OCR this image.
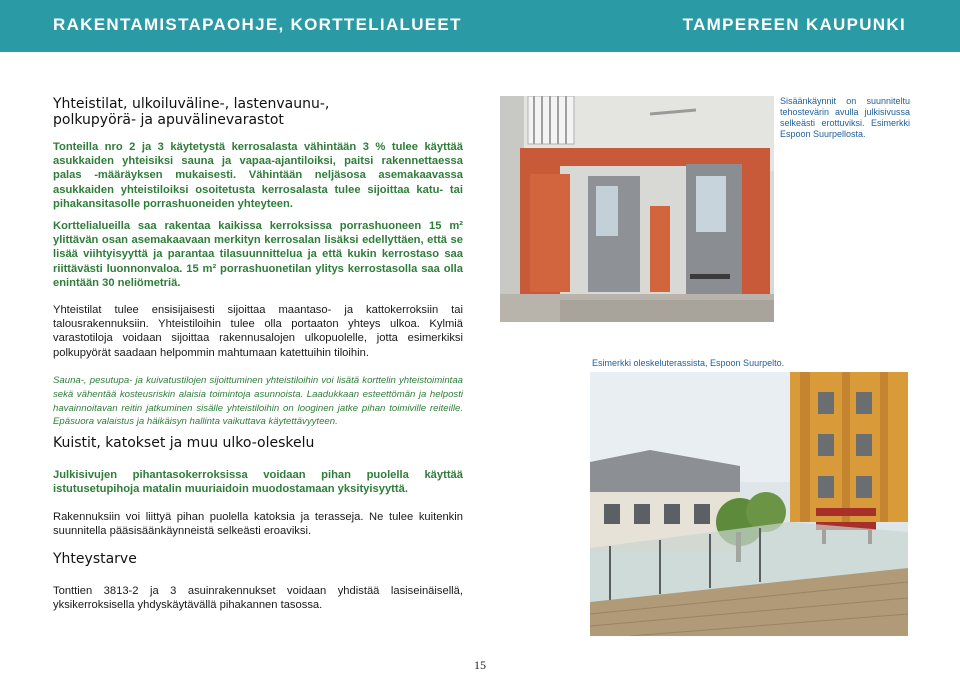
RAKENTAMISTAPAOHJE, KORTTELIALUEET	TAMPEREEN KAUPUNKI
Yhteistilat, ulkoiluväline-, lastenvaunu-,
polkupyörä- ja apuvälinevarastot
Tonteilla nro 2 ja 3 käytetystä kerrosalasta vähintään 3 % tulee käyttää asukkaiden yhteisiksi sauna ja vapaa-ajantiloiksi, paitsi rakennettaessa palas -määräyksen mukaisesti. Vähintään neljäsosa asemakaavassa asukkaiden yhteistiloiksi osoitetusta kerrosalasta tulee sijoittaa katu- tai pihakansitasolle porrashuoneiden yhteyteen.
Korttelialueilla saa rakentaa kaikissa kerroksissa porrashuoneen 15 m² ylittävän osan asemakaavaan merkityn kerrosalan lisäksi edellyttäen, että se lisää viihtyisyyttä ja parantaa tilasuunnittelua ja että kukin kerrostaso saa riittävästi luonnonvaloa. 15 m² porrashuonetilan ylitys kerrostasolla saa olla enintään 30 neliömetriä.
Yhteistilat tulee ensisijaisesti sijoittaa maantaso- ja kattokerroksiin tai talousrakennuksiin. Yhteistiloihin tulee olla portaaton yhteys ulkoa. Kylmiä varastotiloja voidaan sijoittaa rakennusalojen ulkopuolelle, jotta esimerkiksi polkupyörät saadaan helpommin mahtumaan katettuihin tiloihin.
Sauna-, pesutupa- ja kuivatustilojen sijoittuminen yhteistiloihin voi lisätä korttelin yhteistoimintaa sekä vähentää kosteusriskin alaisia toimintoja asunnoista. Laadukkaan esteettömän ja helposti havainnoitavan reitin jatkuminen sisälle yhteistiloihin on looginen jatke pihan toimiville reiteille. Epäsuora valaistus ja häikäisyn hallinta vaikuttava käytettävyyteen.
Kuistit, katokset ja muu ulko-oleskelu
Julkisivujen pihantasokerroksissa voidaan pihan puolella käyttää istutusetupihoja matalin muuriaidoin muodostamaan yksityisyyttä.
Rakennuksiin voi liittyä pihan puolella katoksia ja terasseja. Ne tulee kuitenkin suunnitella pääsisäänkäynneistä selkeästi eroaviksi.
Yhteystarve
Tonttien 3813-2 ja 3 asuinrakennukset voidaan yhdistää lasiseinäisellä, yksikerroksisella yhdyskäytävällä pihakannen tasossa.
Sisäänkäynnit on suunniteltu tehostevärin avulla julkisivussa selkeästi erottuviksi. Esimerkki Espoon Suurpellosta.
Esimerkki oleskeluterassista, Espoon Suurpelto.
15
